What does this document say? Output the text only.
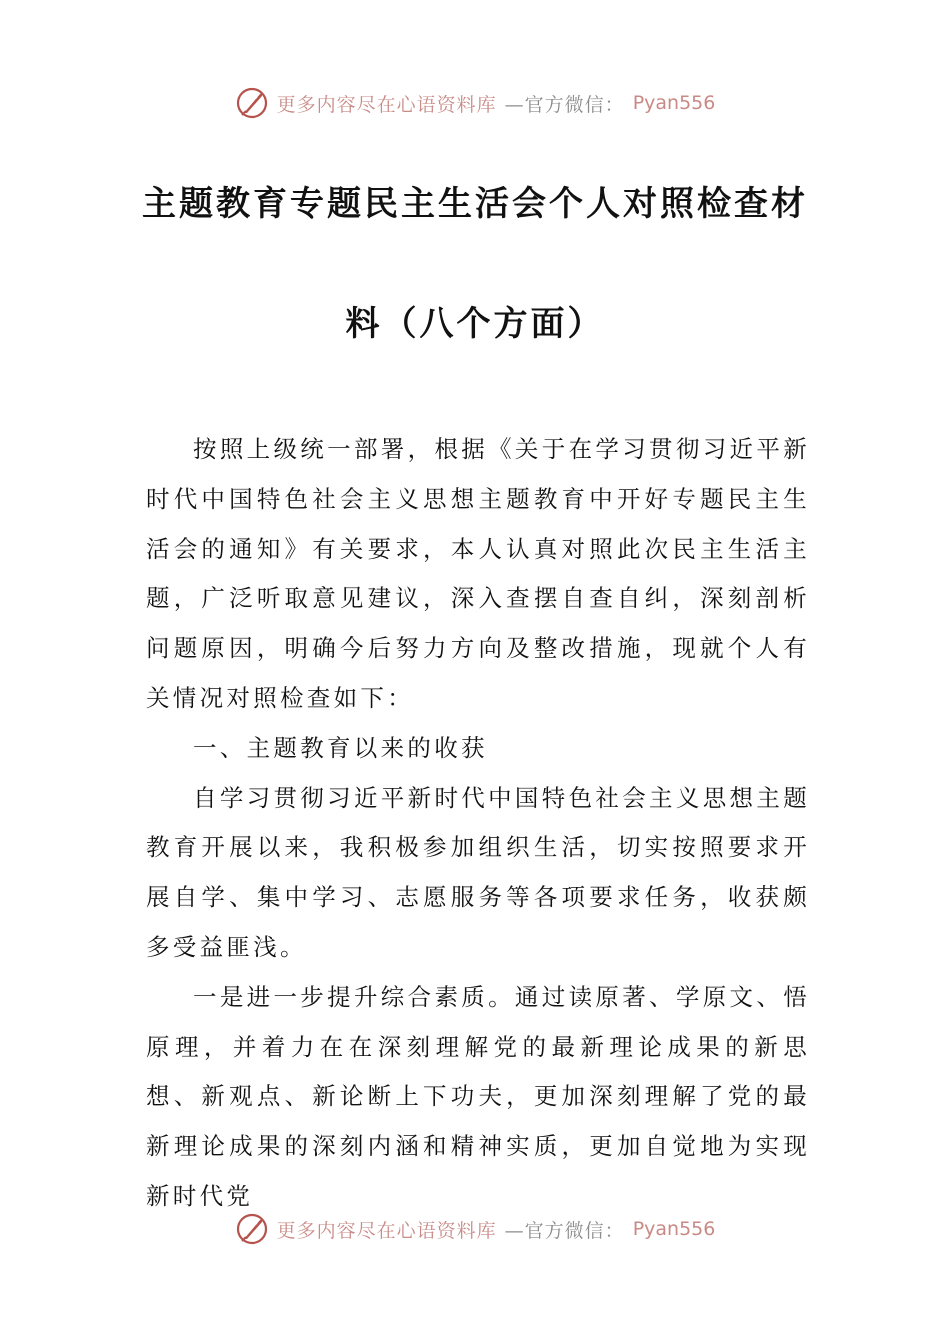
更多内容尽在心语资料库 —官方微信： Pyan556
主题教育专题民主生活会个人对照检查材
料（八个方面）

按照上级统一部署，根据《关于在学习贯彻习近平新时代中国特色社会主义思想主题教育中开好专题民主生活会的通知》有关要求，本人认真对照此次民主生活主题，广泛听取意见建议，深入查摆自查自纠，深刻剖析问题原因，明确今后努力方向及整改措施，现就个人有关情况对照检查如下：

一、主题教育以来的收获

自学习贯彻习近平新时代中国特色社会主义思想主题教育开展以来，我积极参加组织生活，切实按照要求开展自学、集中学习、志愿服务等各项要求任务，收获颇多受益匪浅。

一是进一步提升综合素质。通过读原著、学原文、悟原理，并着力在在深刻理解党的最新理论成果的新思想、新观点、新论断上下功夫，更加深刻理解了党的最新理论成果的深刻内涵和精神实质，更加自觉地为实现新时代党

更多内容尽在心语资料库 —官方微信： Pyan556
